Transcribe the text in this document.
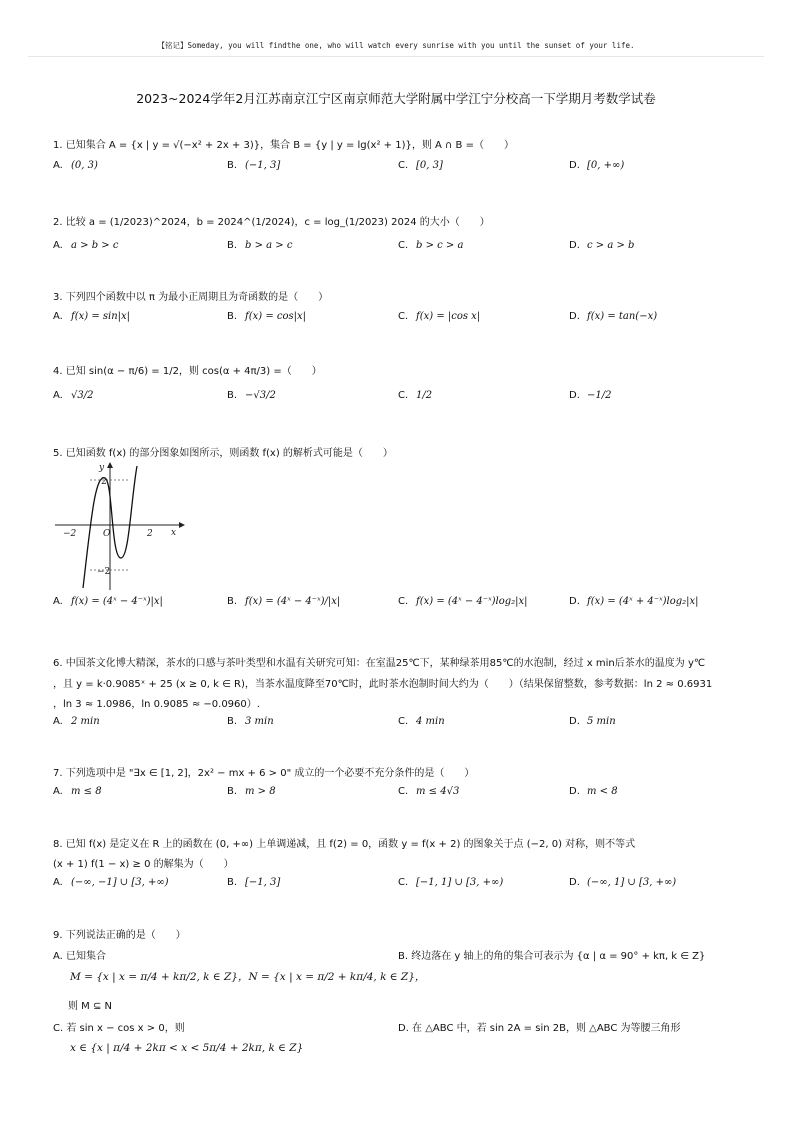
【铭记】Someday, you will findthe one, who will watch every sunrise with you until the sunset of your life.
2023~2024学年2月江苏南京江宁区南京师范大学附属中学江宁分校高一下学期月考数学试卷
1. 已知集合 A = {x | y = √(−x² + 2x + 3)}，集合 B = {y | y = lg(x² + 1)}，则 A ∩ B =（　　）
A. (0, 3)	B. (−1, 3]	C. [0, 3]	D. [0, +∞)
2. 比较 a = (1/2023)^2024，b = 2024^(1/2024)，c = log_(1/2023) 2024 的大小（　　）
A. a > b > c	B. b > a > c	C. b > c > a	D. c > a > b
3. 下列四个函数中以 π 为最小正周期且为奇函数的是（　　）
A. f(x) = sin|x|	B. f(x) = cos|x|	C. f(x) = |cos x|	D. f(x) = tan(−x)
4. 已知 sin(α − π/6) = 1/2，则 cos(α + 4π/3) =（　　）
A. √3/2	B. −√3/2	C. 1/2	D. −1/2
5. 已知函数 f(x) 的部分图象如图所示，则函数 f(x) 的解析式可能是（　　）
−2	O	2 x
y
2
−2
A. f(x) = (4ˣ − 4⁻ˣ)|x|	B. f(x) = (4ˣ − 4⁻ˣ)/|x|	C. f(x) = (4ˣ − 4⁻ˣ)log₂|x|	D. f(x) = (4ˣ + 4⁻ˣ)log₂|x|
6. 中国茶文化博大精深，茶水的口感与茶叶类型和水温有关研究可知：在室温25℃下，某种绿茶用85℃的水泡制，经过 x min后茶水的温度为 y℃
，且 y = k·0.9085ˣ + 25 (x ≥ 0, k ∈ R)，当茶水温度降至70℃时，此时茶水泡制时间大约为（　　）（结果保留整数，参考数据：ln 2 ≈ 0.6931
，ln 3 ≈ 1.0986，ln 0.9085 ≈ −0.0960）.
A. 2 min	B. 3 min	C. 4 min	D. 5 min
7. 下列选项中是 "∃x ∈ [1, 2]，2x² − mx + 6 > 0" 成立的一个必要不充分条件的是（　　）
A. m ≤ 8	B. m > 8	C. m ≤ 4√3	D. m < 8
8. 已知 f(x) 是定义在 R 上的函数在 (0, +∞) 上单调递减，且 f(2) = 0，函数 y = f(x + 2) 的图象关于点 (−2, 0) 对称，则不等式
(x + 1) f(1 − x) ≥ 0 的解集为（　　）
A. (−∞, −1] ∪ [3, +∞)	B. [−1, 3]	C. [−1, 1] ∪ [3, +∞)	D. (−∞, 1] ∪ [3, +∞)
9. 下列说法正确的是（　　）
A. 已知集合
M = {x | x = π/4 + kπ/2, k ∈ Z}，N = {x | x = π/2 + kπ/4, k ∈ Z}，
则 M ⊆ N
B. 终边落在 y 轴上的角的集合可表示为 {α | α = 90° + kπ, k ∈ Z}
C. 若 sin x − cos x > 0，则
x ∈ {x | π/4 + 2kπ < x < 5π/4 + 2kπ, k ∈ Z}
D. 在 △ABC 中，若 sin 2A = sin 2B，则 △ABC 为等腰三角形
